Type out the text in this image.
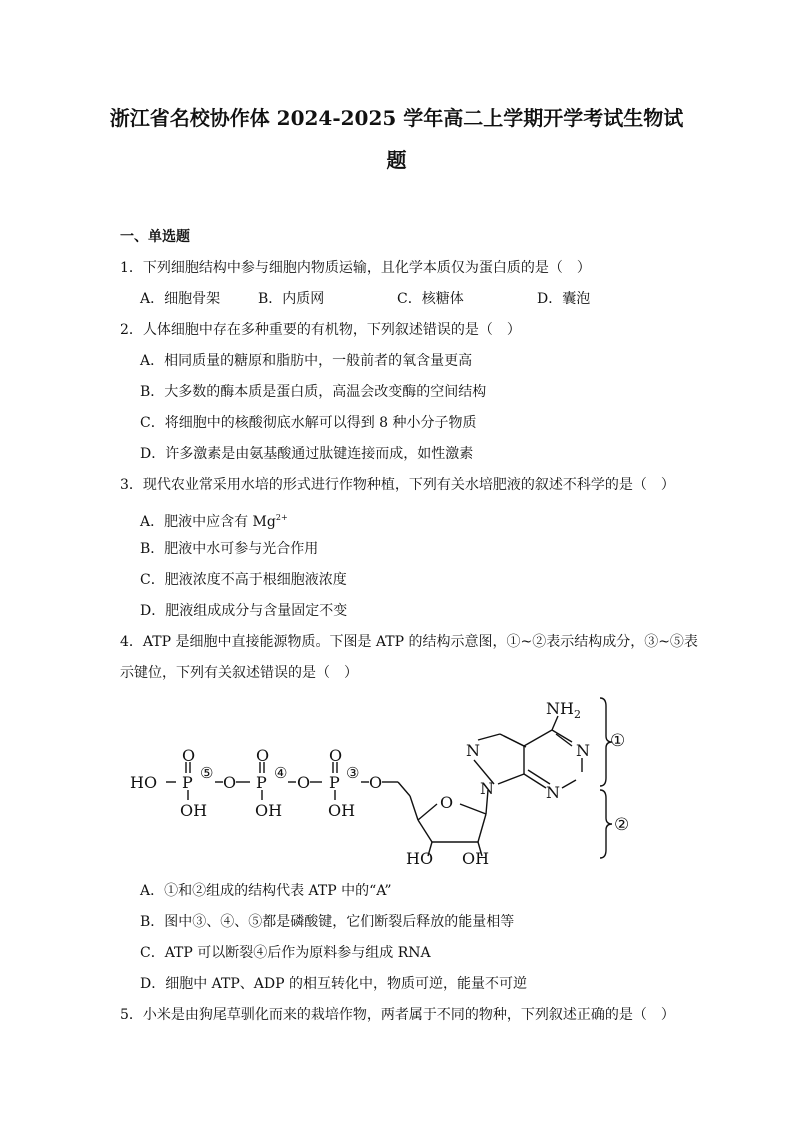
浙江省名校协作体 2024-2025 学年高二上学期开学考试生物试
题
一、单选题
1．下列细胞结构中参与细胞内物质运输，且化学本质仅为蛋白质的是（　）
A．细胞骨架	B．内质网	C．核糖体	D．囊泡
2．人体细胞中存在多种重要的有机物，下列叙述错误的是（　）
A．相同质量的糖原和脂肪中，一般前者的氧含量更高
B．大多数的酶本质是蛋白质，高温会改变酶的空间结构
C．将细胞中的核酸彻底水解可以得到 8 种小分子物质
D．许多激素是由氨基酸通过肽键连接而成，如性激素
3．现代农业常采用水培的形式进行作物种植，下列有关水培肥液的叙述不科学的是（　）
A．肥液中应含有 $Mg^{2+}$
B．肥液中水可参与光合作用
C．肥液浓度不高于根细胞液浓度
D．肥液组成成分与含量固定不变
4．ATP 是细胞中直接能源物质。下图是 ATP 的结构示意图，①~②表示结构成分，③~⑤表
示键位，下列有关叙述错误的是（　）
HO P	P	P
O	O	O
O	O	O
OH	OH	OH
⑤	④	③
O
HO OH
N
N
N
N
$NH_2$
①
②
A．①和②组成的结构代表 ATP 中的“A”
B．图中③、④、⑤都是磷酸键，它们断裂后释放的能量相等
C．ATP 可以断裂④后作为原料参与组成 RNA
D．细胞中 ATP、ADP 的相互转化中，物质可逆，能量不可逆
5．小米是由狗尾草驯化而来的栽培作物，两者属于不同的物种，下列叙述正确的是（　）
